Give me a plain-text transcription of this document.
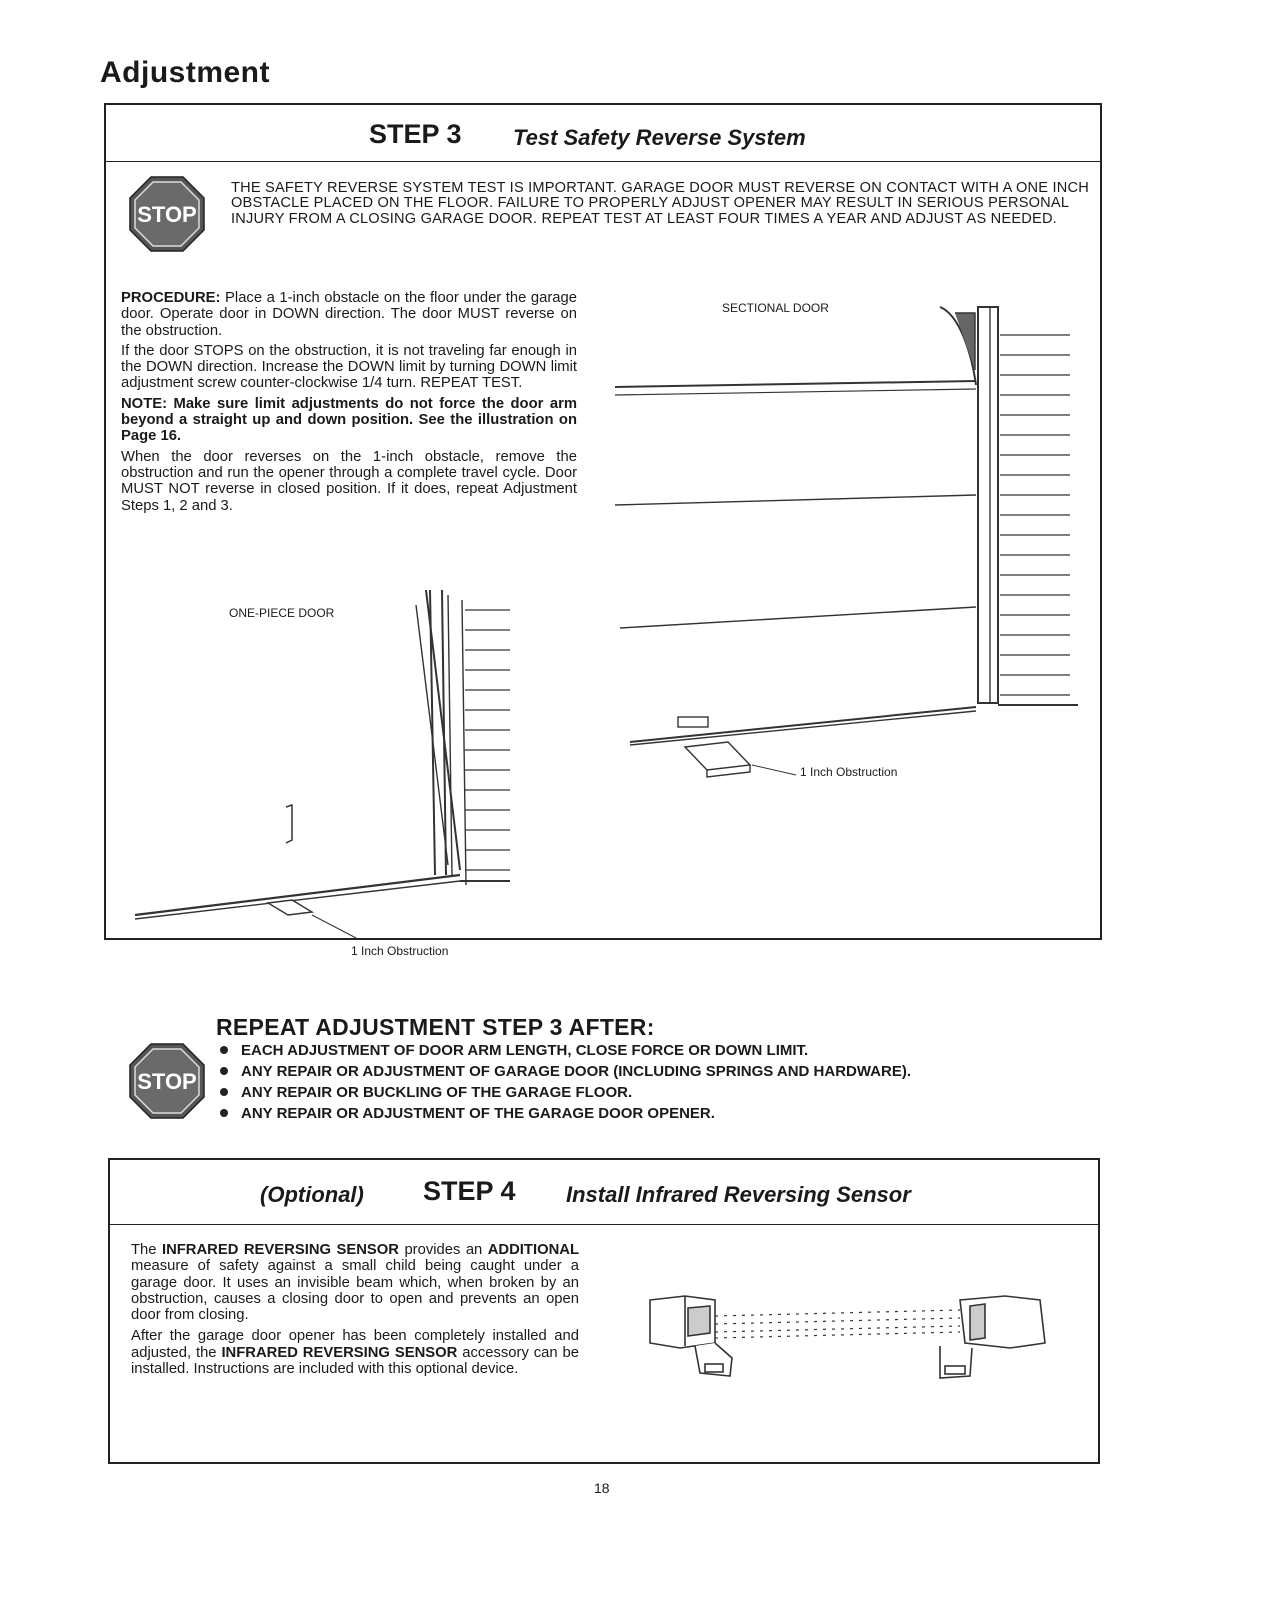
Adjustment
STEP 3 Test Safety Reverse System
STOP
THE SAFETY REVERSE SYSTEM TEST IS IMPORTANT. GARAGE DOOR MUST REVERSE ON CONTACT WITH A ONE INCH OBSTACLE PLACED ON THE FLOOR. FAILURE TO PROPERLY ADJUST OPENER MAY RESULT IN SERIOUS PERSONAL INJURY FROM A CLOSING GARAGE DOOR. REPEAT TEST AT LEAST FOUR TIMES A YEAR AND ADJUST AS NEEDED.

PROCEDURE: Place a 1-inch obstacle on the floor under the garage door. Operate door in DOWN direction. The door MUST reverse on the obstruction.

If the door STOPS on the obstruction, it is not traveling far enough in the DOWN direction. Increase the DOWN limit by turning DOWN limit adjustment screw counter-clockwise 1/4 turn. REPEAT TEST.

NOTE: Make sure limit adjustments do not force the door arm beyond a straight up and down position. See the illustration on Page 16.

When the door reverses on the 1-inch obstacle, remove the obstruction and run the opener through a complete travel cycle. Door MUST NOT reverse in closed position. If it does, repeat Adjustment Steps 1, 2 and 3.

SECTIONAL DOOR
1 Inch Obstruction
ONE-PIECE DOOR
1 Inch Obstruction
REPEAT ADJUSTMENT STEP 3 AFTER:
STOP
EACH ADJUSTMENT OF DOOR ARM LENGTH, CLOSE FORCE OR DOWN LIMIT.
ANY REPAIR OR ADJUSTMENT OF GARAGE DOOR (INCLUDING SPRINGS AND HARDWARE).
ANY REPAIR OR BUCKLING OF THE GARAGE FLOOR.
ANY REPAIR OR ADJUSTMENT OF THE GARAGE DOOR OPENER.
(Optional) STEP 4 Install Infrared Reversing Sensor

The INFRARED REVERSING SENSOR provides an ADDITIONAL measure of safety against a small child being caught under a garage door. It uses an invisible beam which, when broken by an obstruction, causes a closing door to open and prevents an open door from closing.

After the garage door opener has been completely installed and adjusted, the INFRARED REVERSING SENSOR accessory can be installed. Instructions are included with this optional device.

18
